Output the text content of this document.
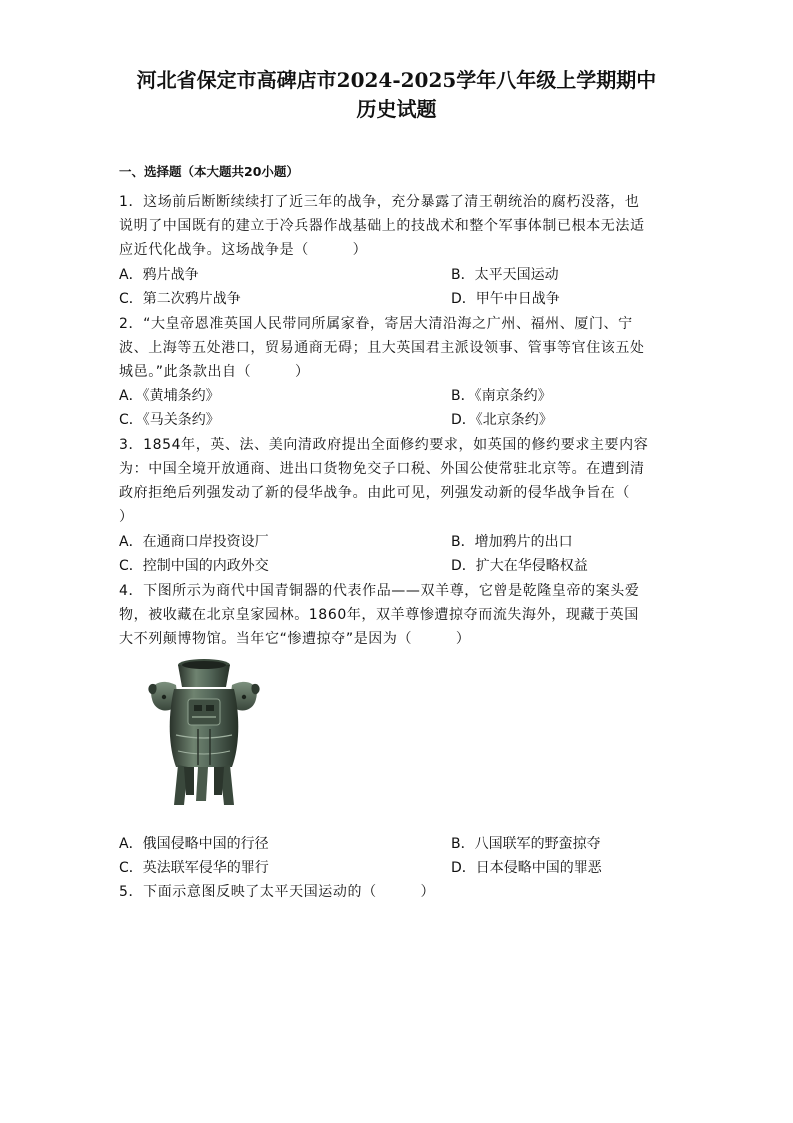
河北省保定市高碑店市2024-2025学年八年级上学期期中
历史试题
一、选择题（本大题共20小题）
1．这场前后断断续续打了近三年的战争，充分暴露了清王朝统治的腐朽没落，也
说明了中国既有的建立于冷兵器作战基础上的技战术和整个军事体制已根本无法适
应近代化战争。这场战争是（　　　）
A．鸦片战争	B．太平天国运动
C．第二次鸦片战争	D．甲午中日战争
2．“大皇帝恩准英国人民带同所属家眷，寄居大清沿海之广州、福州、厦门、宁
波、上海等五处港口，贸易通商无碍；且大英国君主派设领事、管事等官住该五处
城邑。”此条款出自（　　　）
A．《黄埔条约》	B．《南京条约》
C．《马关条约》	D．《北京条约》
3．1854年，英、法、美向清政府提出全面修约要求，如英国的修约要求主要内容
为：中国全境开放通商、进出口货物免交子口税、外国公使常驻北京等。在遭到清
政府拒绝后列强发动了新的侵华战争。由此可见，列强发动新的侵华战争旨在（
）
A．在通商口岸投资设厂	B．增加鸦片的出口
C．控制中国的内政外交	D．扩大在华侵略权益
4．下图所示为商代中国青铜器的代表作品——双羊尊，它曾是乾隆皇帝的案头爱
物，被收藏在北京皇家园林。1860年，双羊尊惨遭掠夺而流失海外，现藏于英国
大不列颠博物馆。当年它“惨遭掠夺”是因为（　　　）
A．俄国侵略中国的行径	B．八国联军的野蛮掠夺
C．英法联军侵华的罪行	D．日本侵略中国的罪恶
5．下面示意图反映了太平天国运动的（　　　）
